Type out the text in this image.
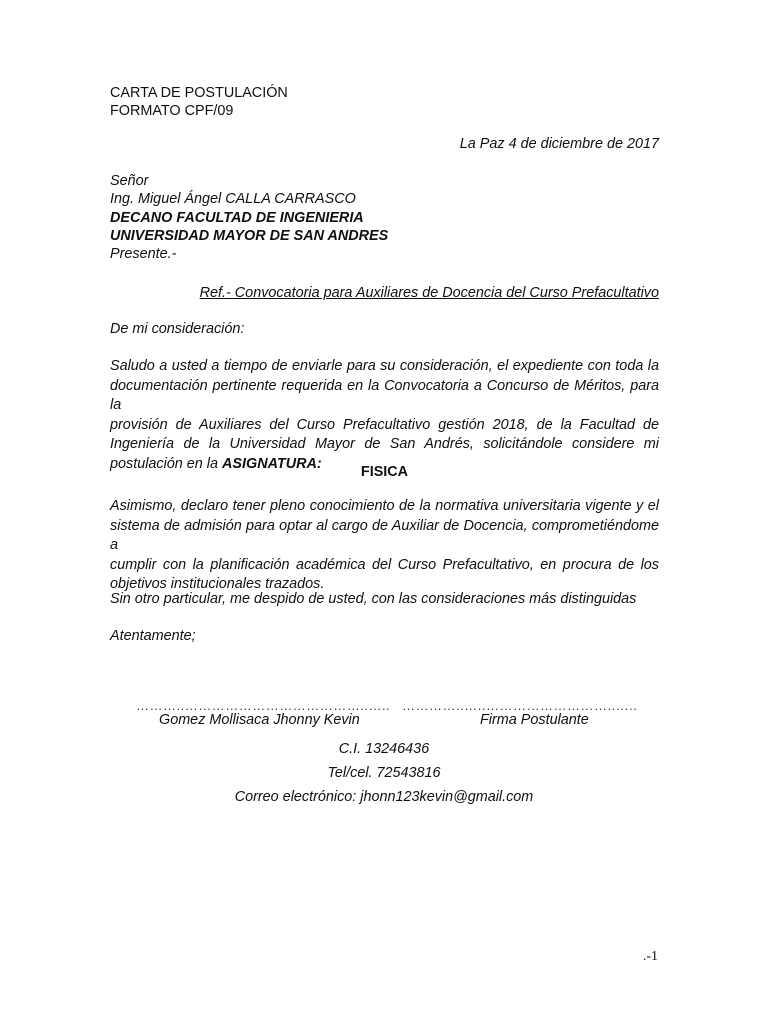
CARTA DE POSTULACIÓN
FORMATO CPF/09
La Paz 4 de diciembre de 2017
Señor
Ing. Miguel Ángel CALLA CARRASCO
DECANO FACULTAD DE INGENIERIA
UNIVERSIDAD MAYOR DE SAN ANDRES
Presente.-
Ref.- Convocatoria para Auxiliares de Docencia del Curso Prefacultativo
De mi consideración:
Saludo a usted a tiempo de enviarle para su consideración, el expediente con toda la
documentación pertinente requerida en la Convocatoria a Concurso de Méritos, para la
provisión de Auxiliares del Curso Prefacultativo gestión 2018, de la Facultad de
Ingeniería de la Universidad Mayor de San Andrés, solicitándole considere mi
postulación en la ASIGNATURA:
FISICA
Asimismo, declaro tener pleno conocimiento de la normativa universitaria vigente y el
sistema de admisión para optar al cargo de Auxiliar de Docencia, comprometiéndome a
cumplir con la planificación académica del Curso Prefacultativo, en procura de los
objetivos institucionales trazados.
Sin otro particular, me despido de usted, con las consideraciones más distinguidas
Atentamente;
………..…………………………………..….. …………..…..………………………..…..
Gomez Mollisaca Jhonny Kevin	Firma Postulante
C.I. 13246436
Tel/cel. 72543816
Correo electrónico: jhonn123kevin@gmail.com
.-1
